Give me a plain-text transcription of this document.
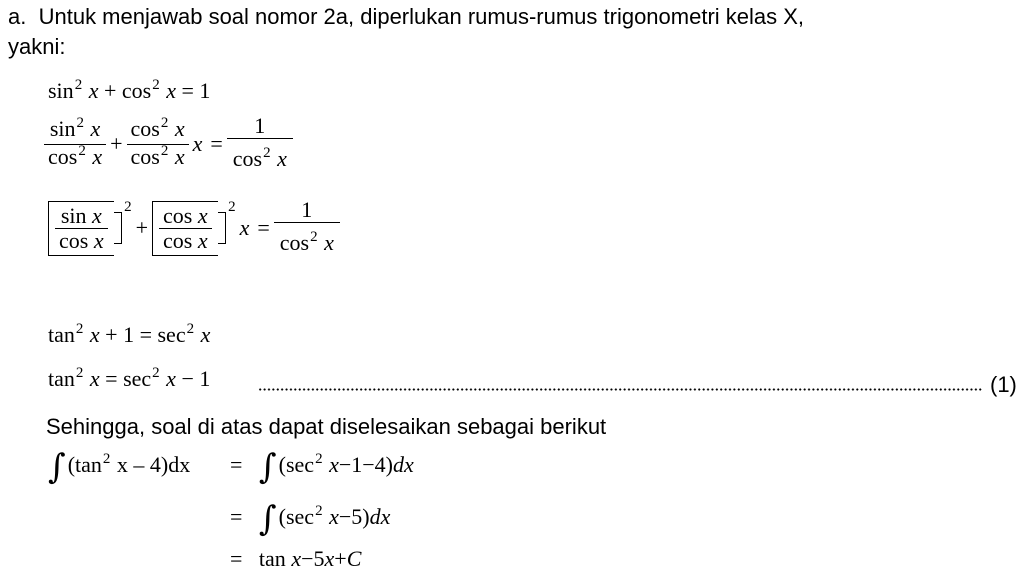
a. Untuk menjawab soal nomor 2a, diperlukan rumus-rumus trigonometri kelas X,
yakni:
$\sin^2 x + \cos^2 x = 1$
$\frac{\sin^2 x}{\cos^2 x} + \frac{\cos^2 x}{\cos^2 x}$ $x = \frac{1}{\cos^2 x}$
$\frac{\text{sin x}}{\text{cos x}} 2+ \frac{\text{cos x}}{\text{cos x}} 2x = \frac{1}{\cos^2 x}$
$\tan^2 x + 1 = \sec^2 x$
$\tan^2 x = \sec^2 x - 1$	(1)
Sehingga, soal di atas dapat diselesaikan sebagai berikut
$\int(\tan^2$ $x - 4)dx = \int(\sec^2$ x−1−4)dx
= $\int(\sec^2$ x−5)dx
= tan x−5x+C
